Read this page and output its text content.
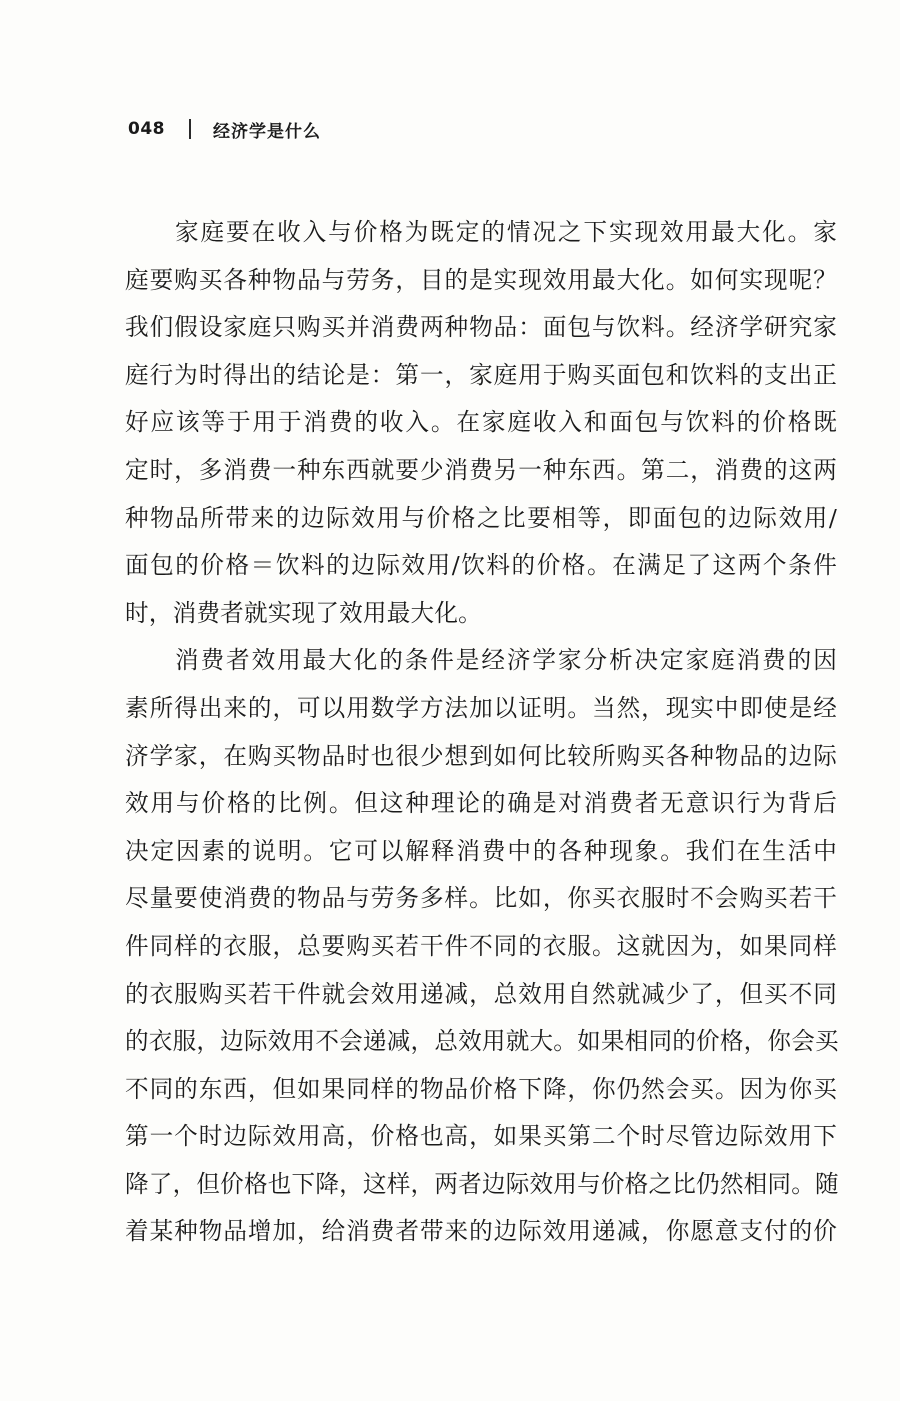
048	经济学是什么
家庭要在收入与价格为既定的情况之下实现效用最大化。家
庭要购买各种物品与劳务，目的是实现效用最大化。如何实现呢？
我们假设家庭只购买并消费两种物品：面包与饮料。经济学研究家
庭行为时得出的结论是：第一，家庭用于购买面包和饮料的支出正
好应该等于用于消费的收入。在家庭收入和面包与饮料的价格既
定时，多消费一种东西就要少消费另一种东西。第二，消费的这两
种物品所带来的边际效用与价格之比要相等，即面包的边际效用/
面包的价格＝饮料的边际效用/饮料的价格。在满足了这两个条件
时，消费者就实现了效用最大化。
消费者效用最大化的条件是经济学家分析决定家庭消费的因
素所得出来的，可以用数学方法加以证明。当然，现实中即使是经
济学家，在购买物品时也很少想到如何比较所购买各种物品的边际
效用与价格的比例。但这种理论的确是对消费者无意识行为背后
决定因素的说明。它可以解释消费中的各种现象。我们在生活中
尽量要使消费的物品与劳务多样。比如，你买衣服时不会购买若干
件同样的衣服，总要购买若干件不同的衣服。这就因为，如果同样
的衣服购买若干件就会效用递减，总效用自然就减少了，但买不同
的衣服，边际效用不会递减，总效用就大。如果相同的价格，你会买
不同的东西，但如果同样的物品价格下降，你仍然会买。因为你买
第一个时边际效用高，价格也高，如果买第二个时尽管边际效用下
降了，但价格也下降，这样，两者边际效用与价格之比仍然相同。随
着某种物品增加，给消费者带来的边际效用递减，你愿意支付的价
